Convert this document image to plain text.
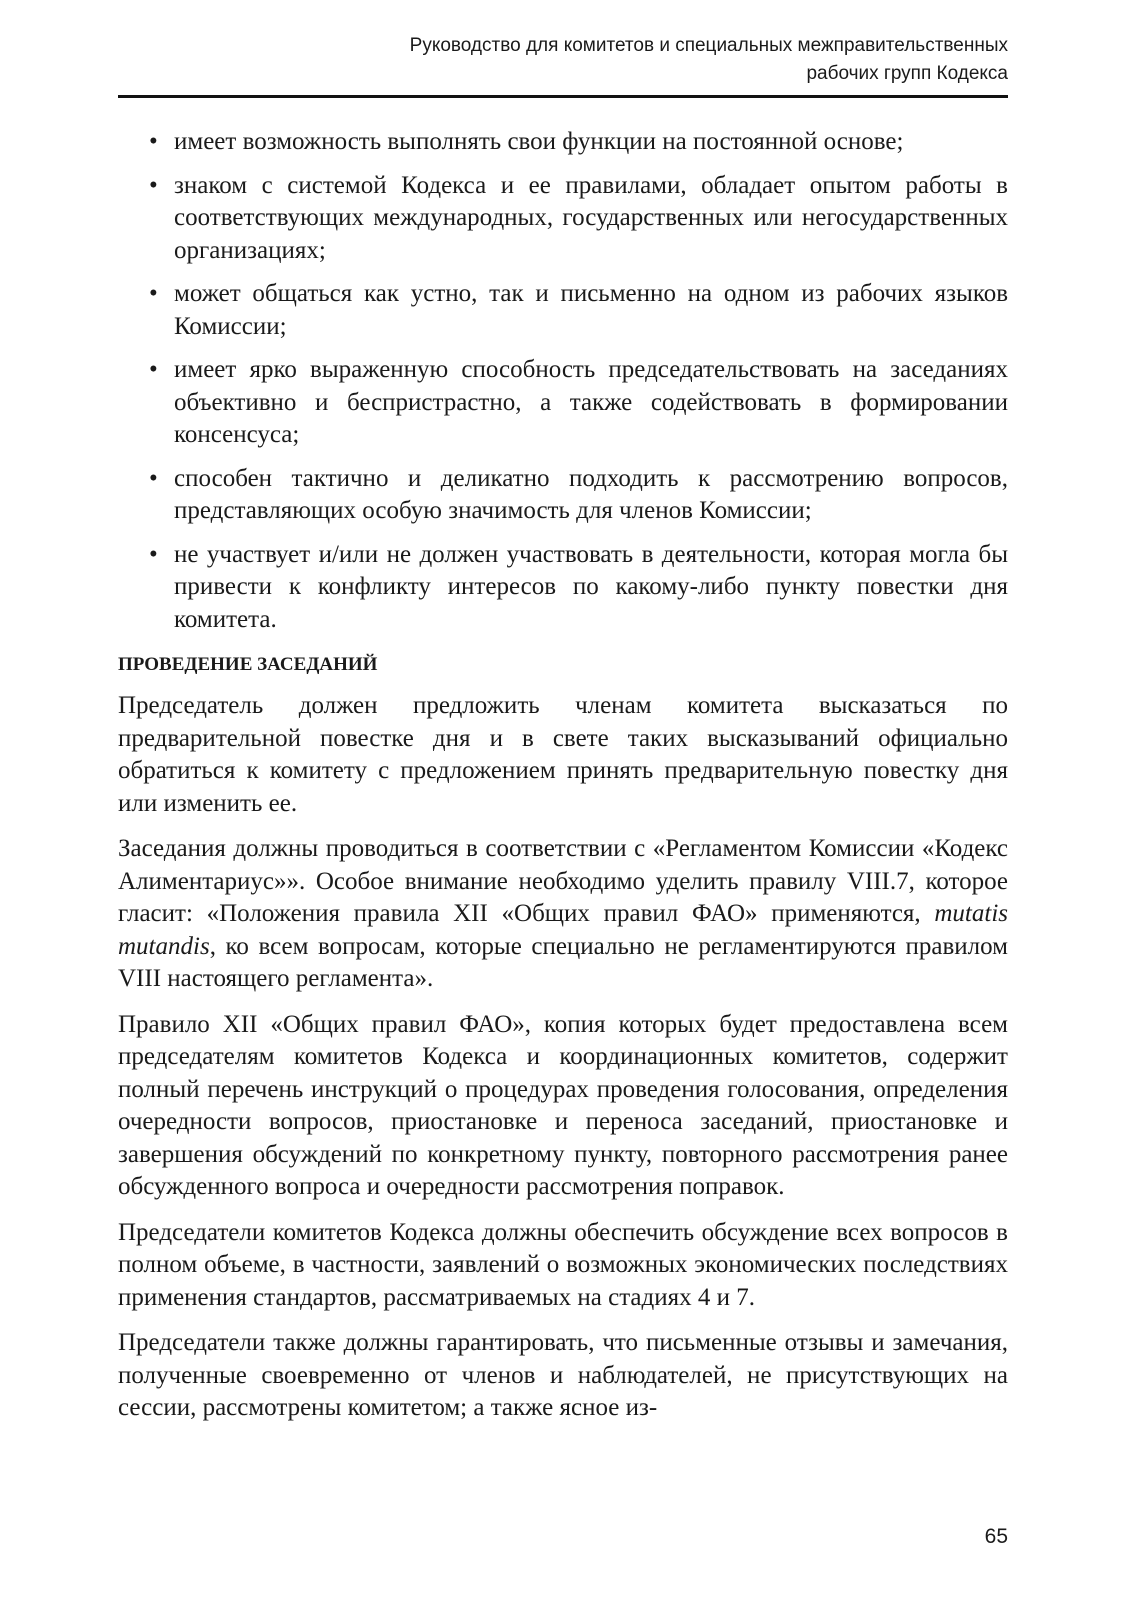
Руководство для комитетов и специальных межправительственных
рабочих групп Кодекса
• имеет возможность выполнять свои функции на постоянной основе;
• знаком с системой Кодекса и ее правилами, обладает опытом работы в соответствующих международных, государственных или негосударственных организациях;
• может общаться как устно, так и письменно на одном из рабочих языков Комиссии;
• имеет ярко выраженную способность председательствовать на заседаниях объективно и беспристрастно, а также содействовать в формировании консенсуса;
• способен тактично и деликатно подходить к рассмотрению вопросов, представляющих особую значимость для членов Комиссии;
• не участвует и/или не должен участвовать в деятельности, которая могла бы привести к конфликту интересов по какому-либо пункту повестки дня комитета.
ПРОВЕДЕНИЕ ЗАСЕДАНИЙ

Председатель должен предложить членам комитета высказаться по предварительной повестке дня и в свете таких высказываний официально обратиться к комитету с предложением принять предварительную повестку дня или изменить ее.

Заседания должны проводиться в соответствии с «Регламентом Комиссии «Кодекс Алиментариус»». Особое внимание необходимо уделить правилу VIII.7, которое гласит: «Положения правила XII «Общих правил ФАО» применяются, mutatis mutandis, ко всем вопросам, которые специально не регламентируются правилом VIII настоящего регламента».

Правило XII «Общих правил ФАО», копия которых будет предоставлена всем председателям комитетов Кодекса и координационных комитетов, содержит полный перечень инструкций о процедурах проведения голосования, определения очередности вопросов, приостановке и переноса заседаний, приостановке и завершения обсуждений по конкретному пункту, повторного рассмотрения ранее обсужденного вопроса и очередности рассмотрения поправок.

Председатели комитетов Кодекса должны обеспечить обсуждение всех вопросов в полном объеме, в частности, заявлений о возможных экономических последствиях применения стандартов, рассматриваемых на стадиях 4 и 7.

Председатели также должны гарантировать, что письменные отзывы и замечания, полученные своевременно от членов и наблюдателей, не присутствующих на сессии, рассмотрены комитетом; а также ясное из-

65
